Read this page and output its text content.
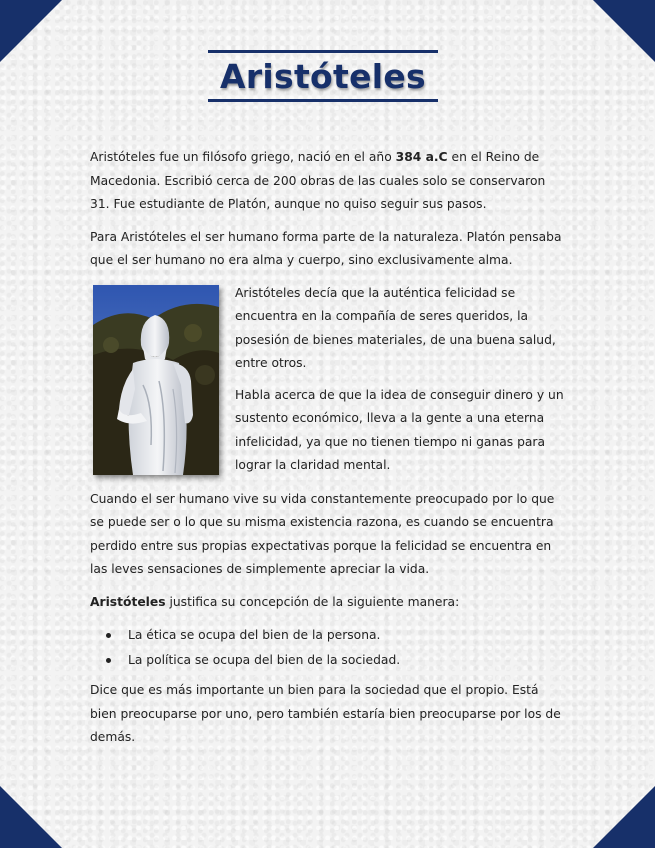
Aristóteles

Aristóteles fue un filósofo griego, nació en el año 384 a.C en el Reino de Macedonia. Escribió cerca de 200 obras de las cuales solo se conservaron 31. Fue estudiante de Platón, aunque no quiso seguir sus pasos.

Para Aristóteles el ser humano forma parte de la naturaleza. Platón pensaba que el ser humano no era alma y cuerpo, sino exclusivamente alma.

Aristóteles decía que la auténtica felicidad se encuentra en la compañía de seres queridos, la posesión de bienes materiales, de una buena salud, entre otros.

Habla acerca de que la idea de conseguir dinero y un sustento económico, lleva a la gente a una eterna infelicidad, ya que no tienen tiempo ni ganas para lograr la claridad mental.

Cuando el ser humano vive su vida constantemente preocupado por lo que se puede ser o lo que su misma existencia razona, es cuando se encuentra perdido entre sus propias expectativas porque la felicidad se encuentra en las leves sensaciones de simplemente apreciar la vida.

Aristóteles justifica su concepción de la siguiente manera:

La ética se ocupa del bien de la persona.
La política se ocupa del bien de la sociedad.

Dice que es más importante un bien para la sociedad que el propio. Está bien preocuparse por uno, pero también estaría bien preocuparse por los de demás.
